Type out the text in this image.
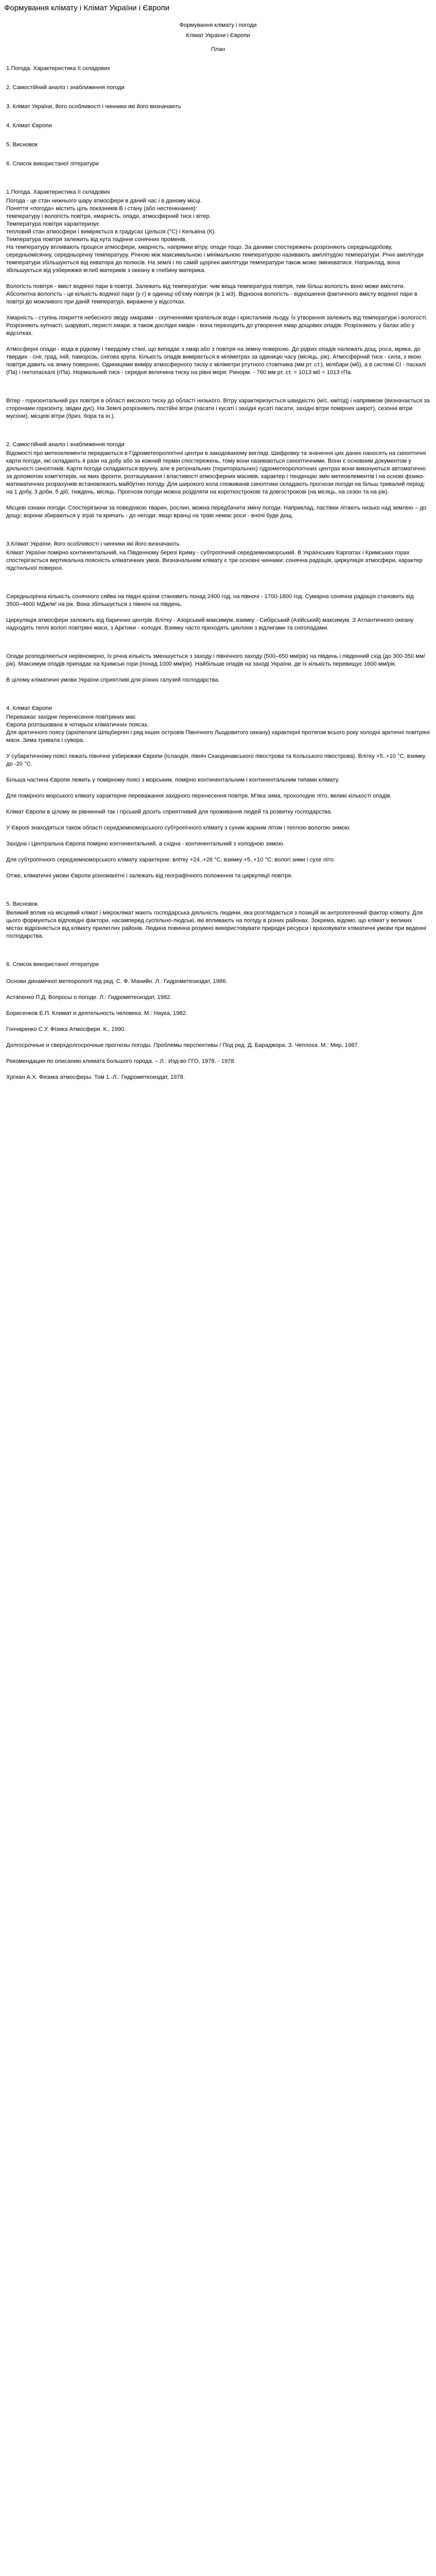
Формування клімату і Клімат України і Європи

Формування клімату і погоди

Клімат України і Європи

План

1.Погода. Характеристика її складових

2. Самостійний аналіз і знаближення погоди

3. Клімат України, його особливості і чинники які його визначають

4. Клімат Європи

5. Висновок

6. Список використаної літератури

1.Погода. Характеристика її складових

Погода - це стан нижнього шару атмосфери в даний час і в даному місці.

Поняття «погода» містить ціль показників В і стану (або нестенкнання):

температуру і вологість повітря, хмарність, опади, атмосферний тиск і вітер.

Температура повітря характеризує

тепловий стан атмосфери і виміряється в градусах Цельсія (°С) і Кельвіна (К).

Температура повітря залежить від кута падіння сонячних променів.

На температуру впливають процеси атмосфери, хмарність, напрямки вітру, опади тощо. За даними спостережень розрізняють середньодобову, середньомісячну, середньорічну температуру. Річною між максимальною і мінімальною температурою називають амплітудою температури. Річні амплітуди температури збільшуються від екватора до полюсів. На землі і по самій щорічні амплітуди температури також може змінюватися. Наприклад, вона збільшується від узбережжя вглиб материків з океану в глибину материка.

Вологість повітря - вміст водяної пари в повітрі. Залежить від температури: чим вища температура повітря, тим більш вологість воно може вмістити. Абсолютна вологість - це кількість водяної пари (у г) в одиниці об'єму повітря (в 1 м3). Відносна вологість - відношення фактичного вмісту водяної пари в повітрі до можливого при даній температурі, виражене у відсотках.

Хмарність - ступінь покриття небесного зводу хмарами - скупченнями крапельок води і кристаликів льоду. Їх утворення залежить від температури і вологості. Розрізняють купчасті, шаруваті, перисті хмари, а також дослідні хмари - вона переходить до утворення хмар дощових опадів. Розрізняють у балах або у відсотках.

Атмосферні опади - вода в рідкому і твердому стані, що випадає з хмар або з повітря на земну поверхню. До рідких опадів належать дощ, роса, мряка, до твердих - сніг, град, іній, паморозь, снігова крупа. Кількість опадів виміряється в міліметрах за одиницю часу (місяць, рік). Атмосферний тиск - сила, з якою повітря давить на земну поверхню. Одиницями виміру атмосферного тиску є міліметри ртутного стовпчика (мм рт. ст.), мілібари (мб), а в системі СІ - паскалі (Па) і гектопаскалі (гПа). Нормальний тиск - середня величина тиску на рівні моря: Ринорм. - 760 мм рт. ст. = 1013 мб = 1013 гПа.

Вітер - горизонтальний рух повітря в області високого тиску до області низького. Вітру характеризується швидкістю (м/с, км/год) і напрямком (визначається за сторонами горизонту, звідки дує). На Землі розрізняють постійні вітри (пасати і кусаті і західні кусаті пасати, західні вітри помірних широт), сезонні вітри мусони), місцеві вітри (бриз, бора та ін.).

2. Самостійний аналіз і знаближення погоди

Відомості про метеоелементи передаються в Гідрометеорологічні центри в закодованому вигляді. Шифровку та значення цих даних наносять на синоптичні карти погоди, які складають 4 рази на добу або за кожний термін спостережень, тому вони називаються синоптичними. Вони є основним документом у діяльності синоптиків. Карти погоди складаються вручну, але в регіональних (територіальних) гідрометеорологічних центрах вони виконуються автоматично за допомогою комп'ютерів, на яких фронти, розташування і властивості атмосферних масивів, характер і тенденцію змін метеоелементів і на основі фізико-математичних розрахунків встановлюють майбутню погоду. Для широкого кола споживачів синоптики складають прогнози погоди на більш тривалий період: на 1 добу, 3 доби, 5 діб, тиждень, місяць. Прогнози погоди можна розділяти на короткострокові та довгострокові (на місяць, на сезон та на рік).

Місцеві ознаки погоди. Спостерігаючи за поведінкою тварин, рослин, можна передбачити зміну погоди. Наприклад, ластівки літають низько над землею – до дощу; ворони збираються у зграї та кричать - до негоди; якщо вранці на траві немає роси - вночі буде дощ.

3.Клімат України, його особливості і чинники які його визначають

Клімат України помірно континентальний, на Південному березі Криму - субтропічний середземноморський. В Українських Карпатах і Кримських горах спостерігається вертикальна поясність кліматичних умов. Визначальним клімату є три основні чинники: сонячна радіація, циркуляція атмосфери, характер підстильної поверхні.

Середньорічна кількість сонячного сяйва на півдні країни становить понад 2400 год, на півночі - 1700-1800 год. Сумарна сонячна радіація становить від 3500–4600 МДж/м² на рік. Вона збільшується з півночі на південь.

Циркуляція атмосфери залежить від баричних центрів. Влітку - Азорський максимум, взимку - Сибірський (Азійський) максимум. З Атлантичного океану надходять теплі вологі повітряні маси, з Арктики - холодні. Взимку часто приходять циклони з відлигами та снігопадами.

Опади розподіляються нерівномірно, їх річна кількість зменшується з заходу і північного заходу (500–650 мм/рік) на південь і південний схід (до 300-350 мм/рік). Максимум опадів припадає на Кримські гори (понад 1000 мм/рік). Найбільше опадів на заході України, де їх кількість перевищує 1600 мм/рік.

В цілому кліматичні умови України сприятливі для різних галузей господарства.

4. Клімат Європи

Переважає західне перенесення повітряних мас

Європа розташована в чотирьох кліматичних поясах.

Для арктичного поясу (архіпелаги Шпіцберген і ряд інших островів Північного Льодовитого океану) характерні протягом всього року холодні арктичні повітряні маси. Зима тривала і сувора.

У субарктичному поясі лежать північне узбережжя Європи (Ісландія, північ Скандинавського півострова та Кольського півострова). Влітку +5..+10 °С, взимку до -20 °С.

Більша частина Європи лежить у помірному поясі з морським, помірно континентальним і континентальним типами клімату.

Для помірного морського клімату характерне переважання західного перенесення повітря. М'яка зима, прохолодне літо, великі кількості опадів.

Клімат Європи в цілому як рівнинний так і гірський досить сприятливий для проживання людей та розвитку господарства.

У Європі знаходяться також області середземноморського субтропічного клімату з сухим жарким літом і теплою вологою зимою.

Західна і Центральна Європа помірно континентальний, а східна - континентальний з холодною зимою.

Для субтропічного середземноморського клімату характерне: влітку +24..+28 °С, взимку +5..+10 °С; вологі зими і сухе літо.

Отже, кліматичні умови Європи різноманітні і залежать від географічного положення та циркуляції повітря.

5. Висновок

Великий вплив на місцевий клімат і мікроклімат мають господарська діяльність людини, яка розглядається з позицій як антропогенний фактор клімату. Для цього формуються відповідні фактори, насамперед суспільно-людські, які впливають на погоду в різних районах. Зокрема, відомо, що клімат у великих містах відрізняється від клімату прилеглих районів. Людина повинна розумно використовувати природні ресурси і враховувати кліматичні умови при веденні господарства.

6. Список використаної літератури

Основи динамічної метеорології під ред. С. Ф. Манийн. Л.: Гидрометеоиздат, 1986.

Астапенко П.Д. Вопросы о погоде. Л.: Гидрометеоиздат, 1982.

Борисенков Е.П. Климат и деятельность человека. М.: Наука, 1982.

Гончаренко С.У. Фізика Атмосфери. К., 1990.

Долгосрочные и сверхдолгосрочные прогнозы погоды. Проблемы перспективы / Под ред. Д. Бараджора. З. Чеплоха. М.: Мир, 1987.

Рекомендации по описанию климата большого города. – Л.: Изд-во ГГО, 1978. - 1978.

Хргиан А.Х. Физика атмосферы. Том 1.-Л.: Гидрометеоиздат, 1978.
